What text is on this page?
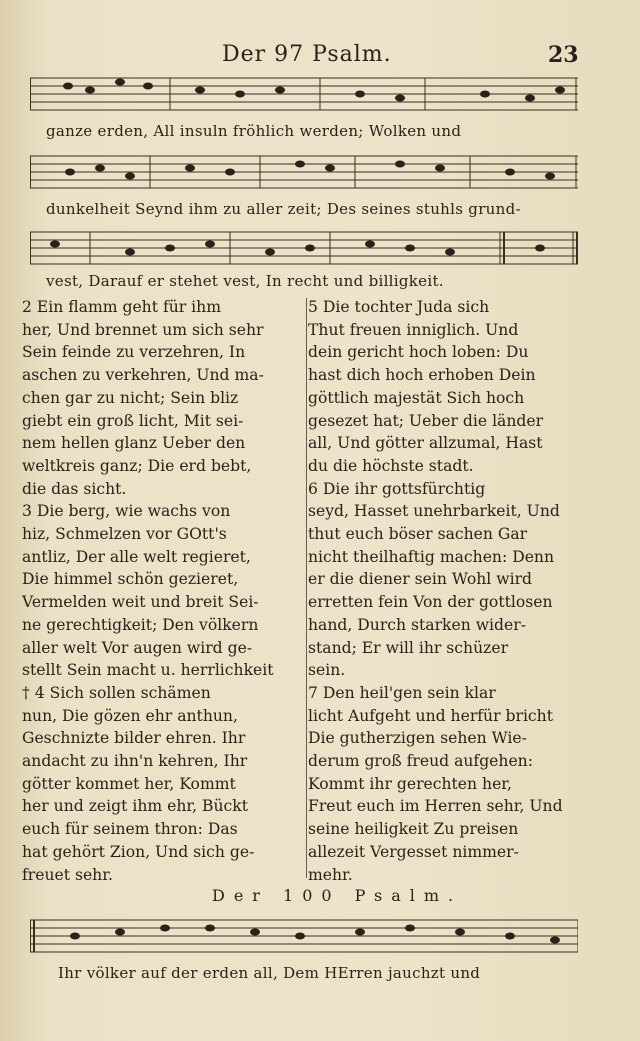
Der 97 Psalm.	23
ganze erden, All insuln fröhlich werden; Wolken und
dunkelheit Seynd ihm zu aller zeit; Des seines stuhls grund-
vest, Darauf er stehet vest, In recht und billigkeit.
2 Ein flamm geht für ihm
her, Und brennet um sich sehr
Sein feinde zu verzehren, In
aschen zu verkehren, Und ma-
chen gar zu nicht; Sein bliz
giebt ein groß licht, Mit sei-
nem hellen glanz Ueber den
weltkreis ganz; Die erd bebt,
die das sicht.
3 Die berg, wie wachs von
hiz, Schmelzen vor GOtt's
antliz, Der alle welt regieret,
Die himmel schön gezieret,
Vermelden weit und breit Sei-
ne gerechtigkeit; Den völkern
aller welt Vor augen wird ge-
stellt Sein macht u. herrlichkeit
† 4 Sich sollen schämen
nun, Die gözen ehr anthun,
Geschnizte bilder ehren. Ihr
andacht zu ihn'n kehren, Ihr
götter kommet her, Kommt
her und zeigt ihm ehr, Bückt
euch für seinem thron: Das
hat gehört Zion, Und sich ge-
freuet sehr.
5 Die tochter Juda sich
Thut freuen inniglich. Und
dein gericht hoch loben: Du
hast dich hoch erhoben Dein
göttlich majestät Sich hoch
gesezet hat; Ueber die länder
all, Und götter allzumal, Hast
du die höchste stadt.
6 Die ihr gottsfürchtig
seyd, Hasset unehrbarkeit, Und
thut euch böser sachen Gar
nicht theilhaftig machen: Denn
er die diener sein Wohl wird
erretten fein Von der gottlosen
hand, Durch starken wider-
stand; Er will ihr schüzer
sein.
7 Den heil'gen sein klar
licht Aufgeht und herfür bricht
Die gutherzigen sehen Wie-
derum groß freud aufgehen:
Kommt ihr gerechten her,
Freut euch im Herren sehr, Und
seine heiligkeit Zu preisen
allezeit Vergesset nimmer-
mehr.
Der 100 Psalm.
Ihr völker auf der erden all, Dem HErren jauchzt und
